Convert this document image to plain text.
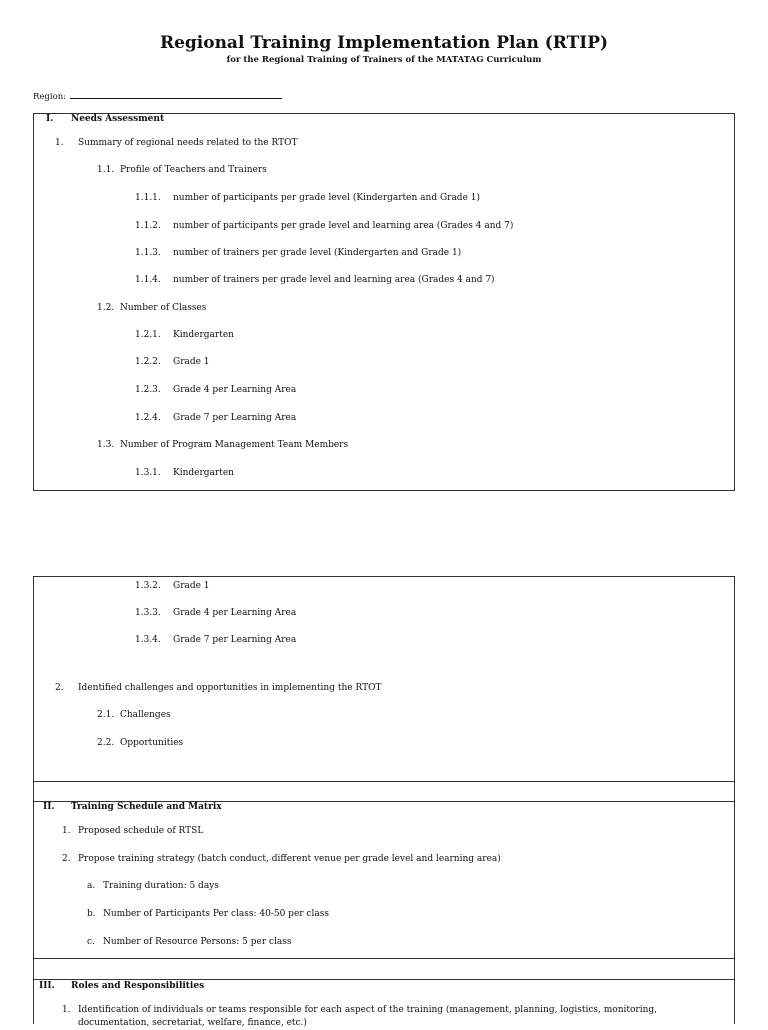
Regional Training Implementation Plan (RTIP)
for the Regional Training of Trainers of the MATATAG Curriculum
Region:
I. Needs Assessment
1. Summary of regional needs related to the RTOT
1.1. Profile of Teachers and Trainers
1.1.1. number of participants per grade level (Kindergarten and Grade 1)
1.1.2. number of participants per grade level and learning area (Grades 4 and 7)
1.1.3. number of trainers per grade level (Kindergarten and Grade 1)
1.1.4. number of trainers per grade level and learning area (Grades 4 and 7)
1.2. Number of Classes
1.2.1. Kindergarten
1.2.2. Grade 1
1.2.3. Grade 4 per Learning Area
1.2.4. Grade 7 per Learning Area
1.3. Number of Program Management Team Members
1.3.1. Kindergarten
1.3.2. Grade 1
1.3.3. Grade 4 per Learning Area
1.3.4. Grade 7 per Learning Area
2. Identified challenges and opportunities in implementing the RTOT
2.1. Challenges
2.2. Opportunities
II. Training Schedule and Matrix
1. Proposed schedule of RTSL
2. Propose training strategy (batch conduct, different venue per grade level and learning area)
a. Training duration: 5 days
b. Number of Participants Per class: 40-50 per class
c. Number of Resource Persons: 5 per class
III. Roles and Responsibilities
1. Identification of individuals or teams responsible for each aspect of the training (management, planning, logistics, monitoring, documentation, secretariat, welfare, finance, etc.)
